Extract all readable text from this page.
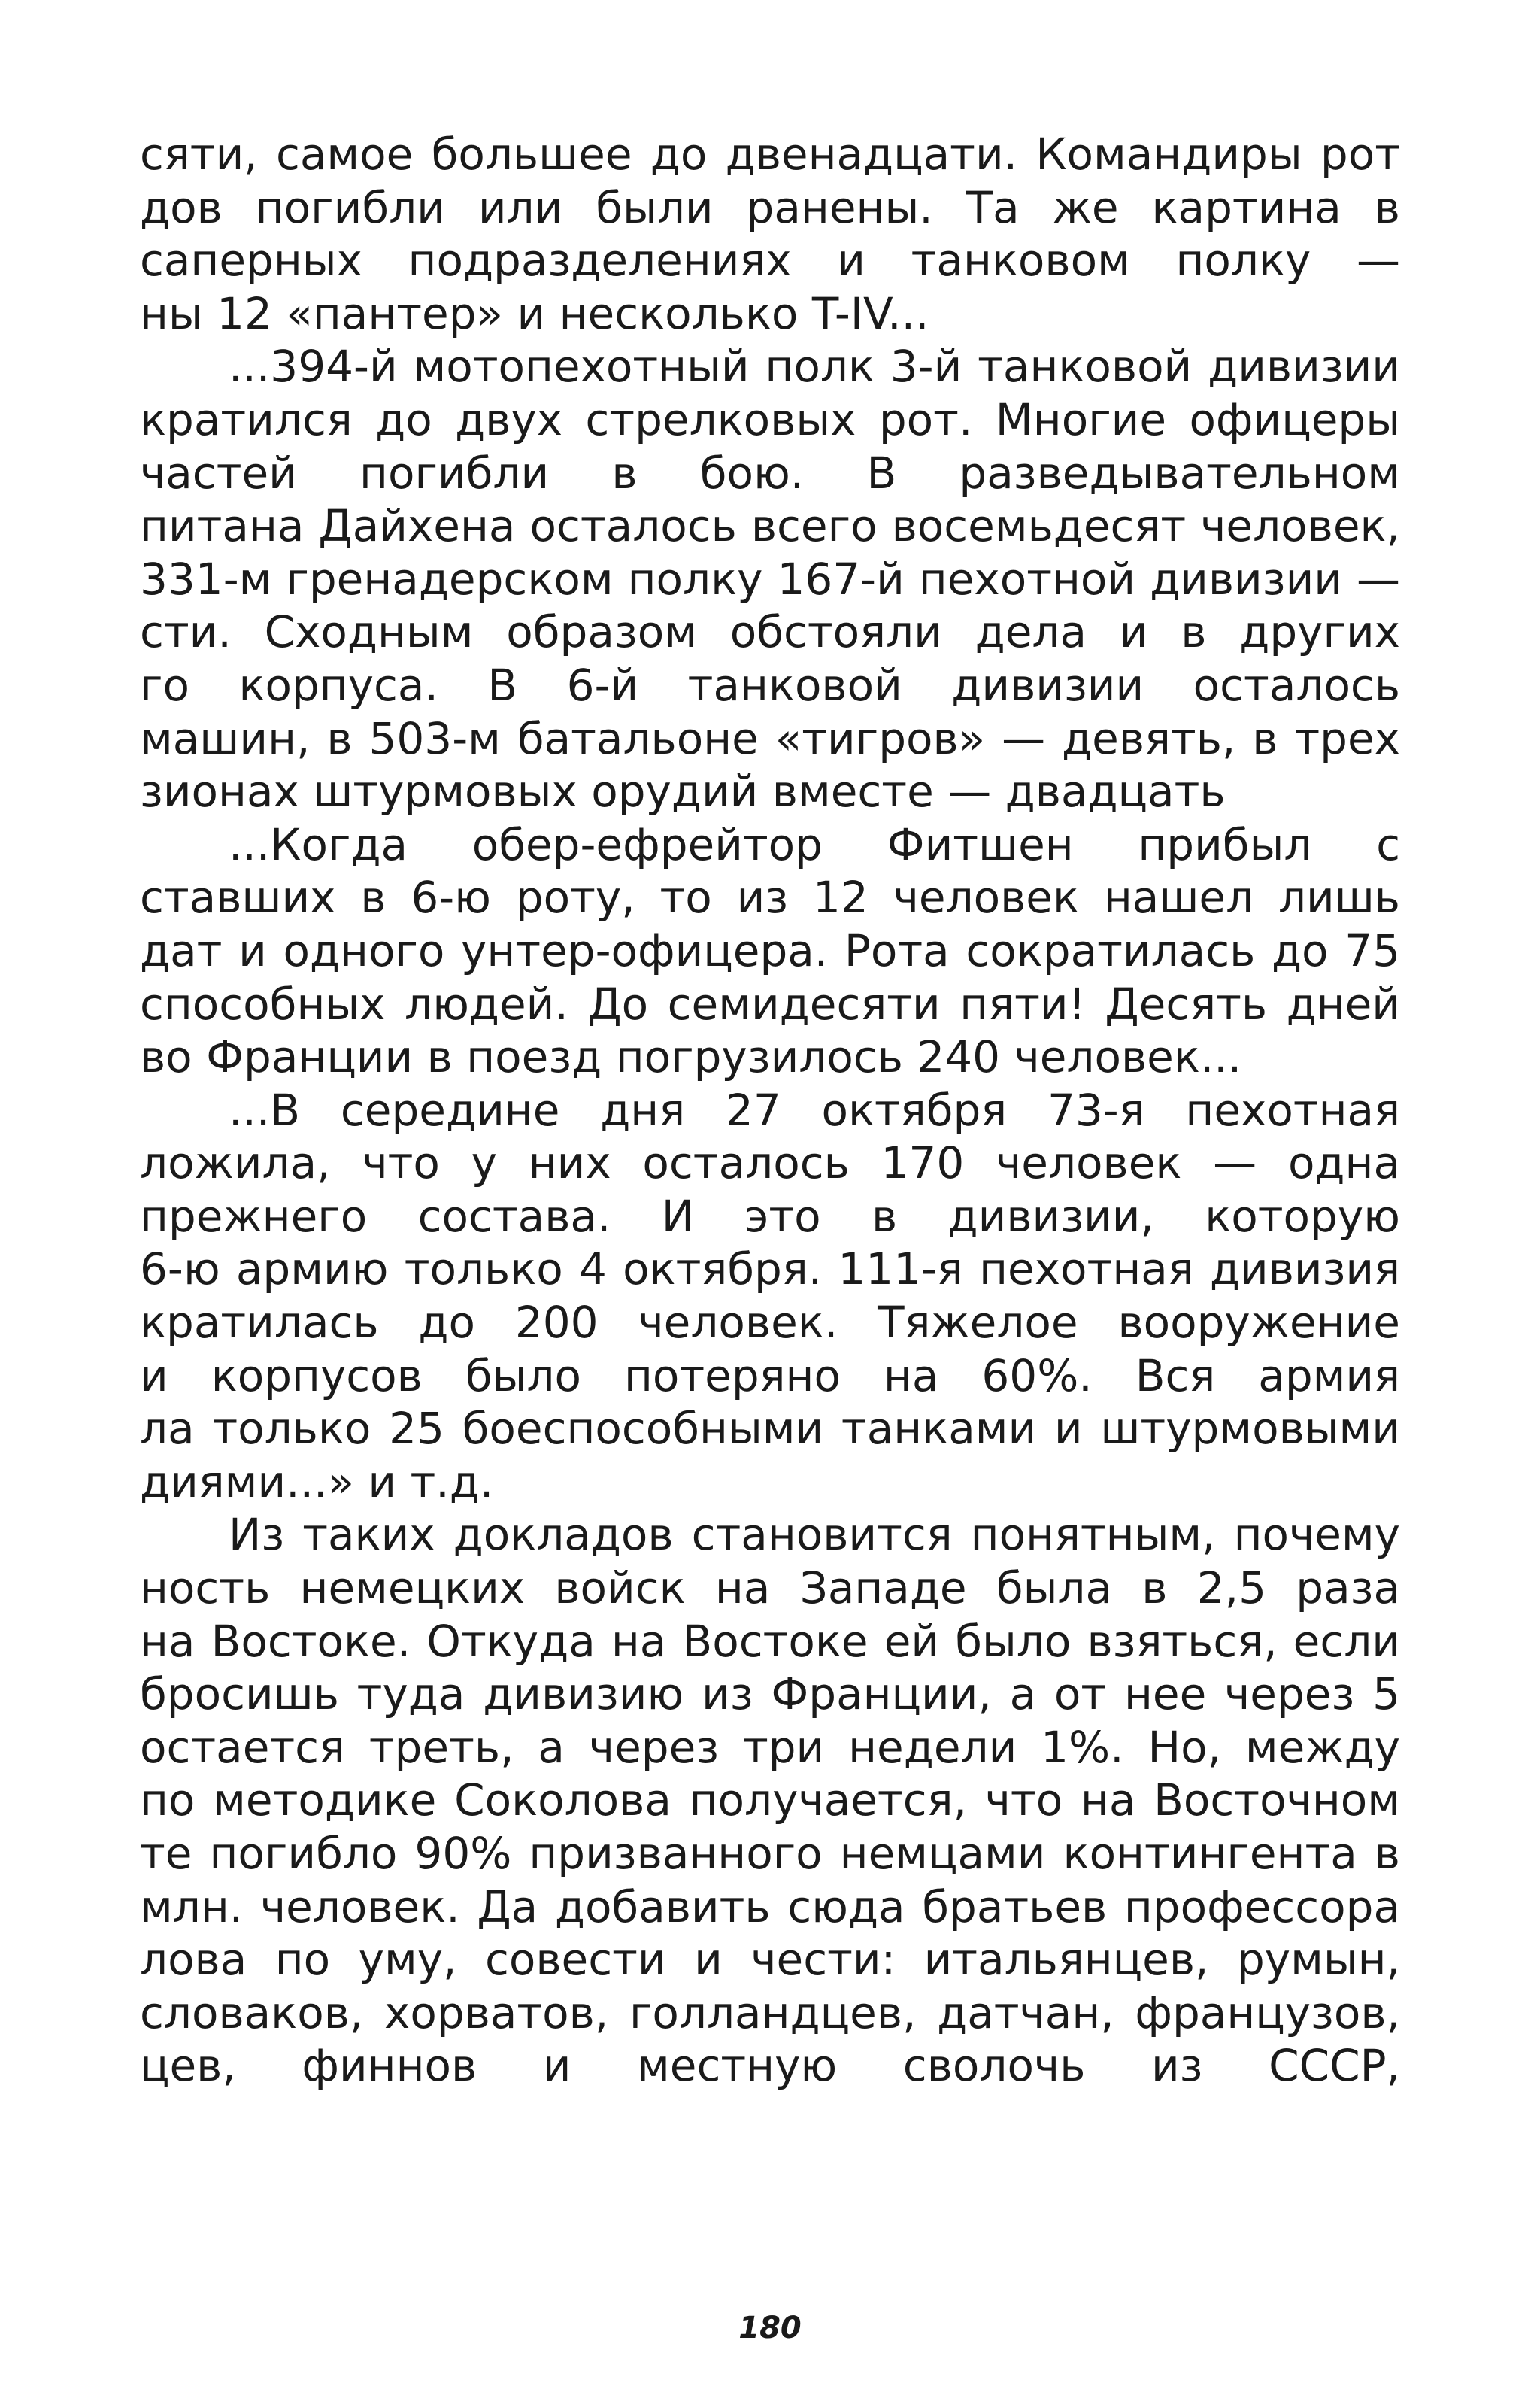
сяти, самое большее до двенадцати. Командиры рот
дов погибли или были ранены. Та же картина в
саперных подразделениях и танковом полку —
ны 12 «пантер» и несколько T-IV...
...394-й мотопехотный полк 3-й танковой дивизии
кратился до двух стрелковых рот. Многие офицеры
частей погибли в бою. В разведывательном
питана Дайхена осталось всего восемьдесят человек,
331-м гренадерском полку 167-й пехотной дивизии —
сти. Сходным образом обстояли дела и в других
го корпуса. В 6-й танковой дивизии осталось
машин, в 503-м батальоне «тигров» — девять, в трех
зионах штурмовых орудий вместе — двадцать
...Когда обер-ефрейтор Фитшен прибыл с
ставших в 6-ю роту, то из 12 человек нашел лишь
дат и одного унтер-офицера. Рота сократилась до 75
способных людей. До семидесяти пяти! Десять дней
во Франции в поезд погрузилось 240 человек...
...В середине дня 27 октября 73-я пехотная
ложила, что у них осталось 170 человек — одна
прежнего состава. И это в дивизии, которую
6-ю армию только 4 октября. 111-я пехотная дивизия
кратилась до 200 человек. Тяжелое вооружение
и корпусов было потеряно на 60%. Вся армия
ла только 25 боеспособными танками и штурмовыми
диями...» и т.д.
Из таких докладов становится понятным, почему
ность немецких войск на Западе была в 2,5 раза
на Востоке. Откуда на Востоке ей было взяться, если
бросишь туда дивизию из Франции, а от нее через 5
остается треть, а через три недели 1%. Но, между
по методике Соколова получается, что на Восточном
те погибло 90% призванного немцами контингента в
млн. человек. Да добавить сюда братьев профессора
лова по уму, совести и чести: итальянцев, румын,
словаков, хорватов, голландцев, датчан, французов,
цев, финнов и местную сволочь из СССР,
180
